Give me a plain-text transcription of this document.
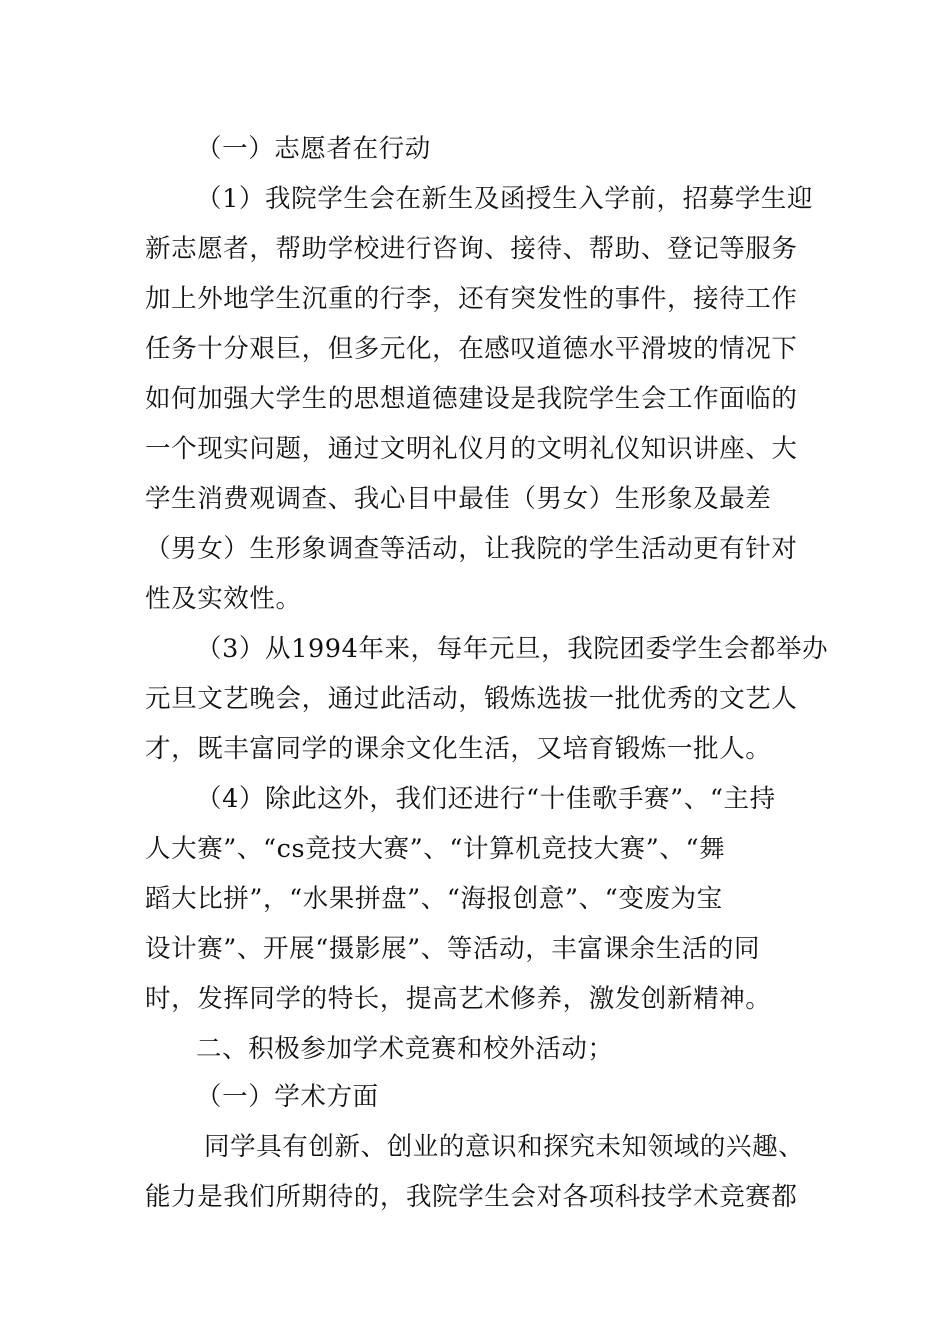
（一）志愿者在行动
（1）我院学生会在新生及函授生入学前，招募学生迎
新志愿者，帮助学校进行咨询、接待、帮助、登记等服务
加上外地学生沉重的行李，还有突发性的事件，接待工作
任务十分艰巨，但多元化，在感叹道德水平滑坡的情况下
如何加强大学生的思想道德建设是我院学生会工作面临的
一个现实问题，通过文明礼仪月的文明礼仪知识讲座、大
学生消费观调查、我心目中最佳（男女）生形象及最差
（男女）生形象调查等活动，让我院的学生活动更有针对
性及实效性。
（3）从1994年来，每年元旦，我院团委学生会都举办
元旦文艺晚会，通过此活动，锻炼选拔一批优秀的文艺人
才，既丰富同学的课余文化生活，又培育锻炼一批人。
（4）除此这外，我们还进行“十佳歌手赛”、“主持
人大赛”、“cs竞技大赛”、“计算机竞技大赛”、“舞
蹈大比拼”，“水果拼盘”、“海报创意”、“变废为宝
设计赛”、开展“摄影展”、等活动，丰富课余生活的同
时，发挥同学的特长，提高艺术修养，激发创新精神。
二、积极参加学术竞赛和校外活动；
（一）学术方面
同学具有创新、创业的意识和探究未知领域的兴趣、
能力是我们所期待的，我院学生会对各项科技学术竞赛都
